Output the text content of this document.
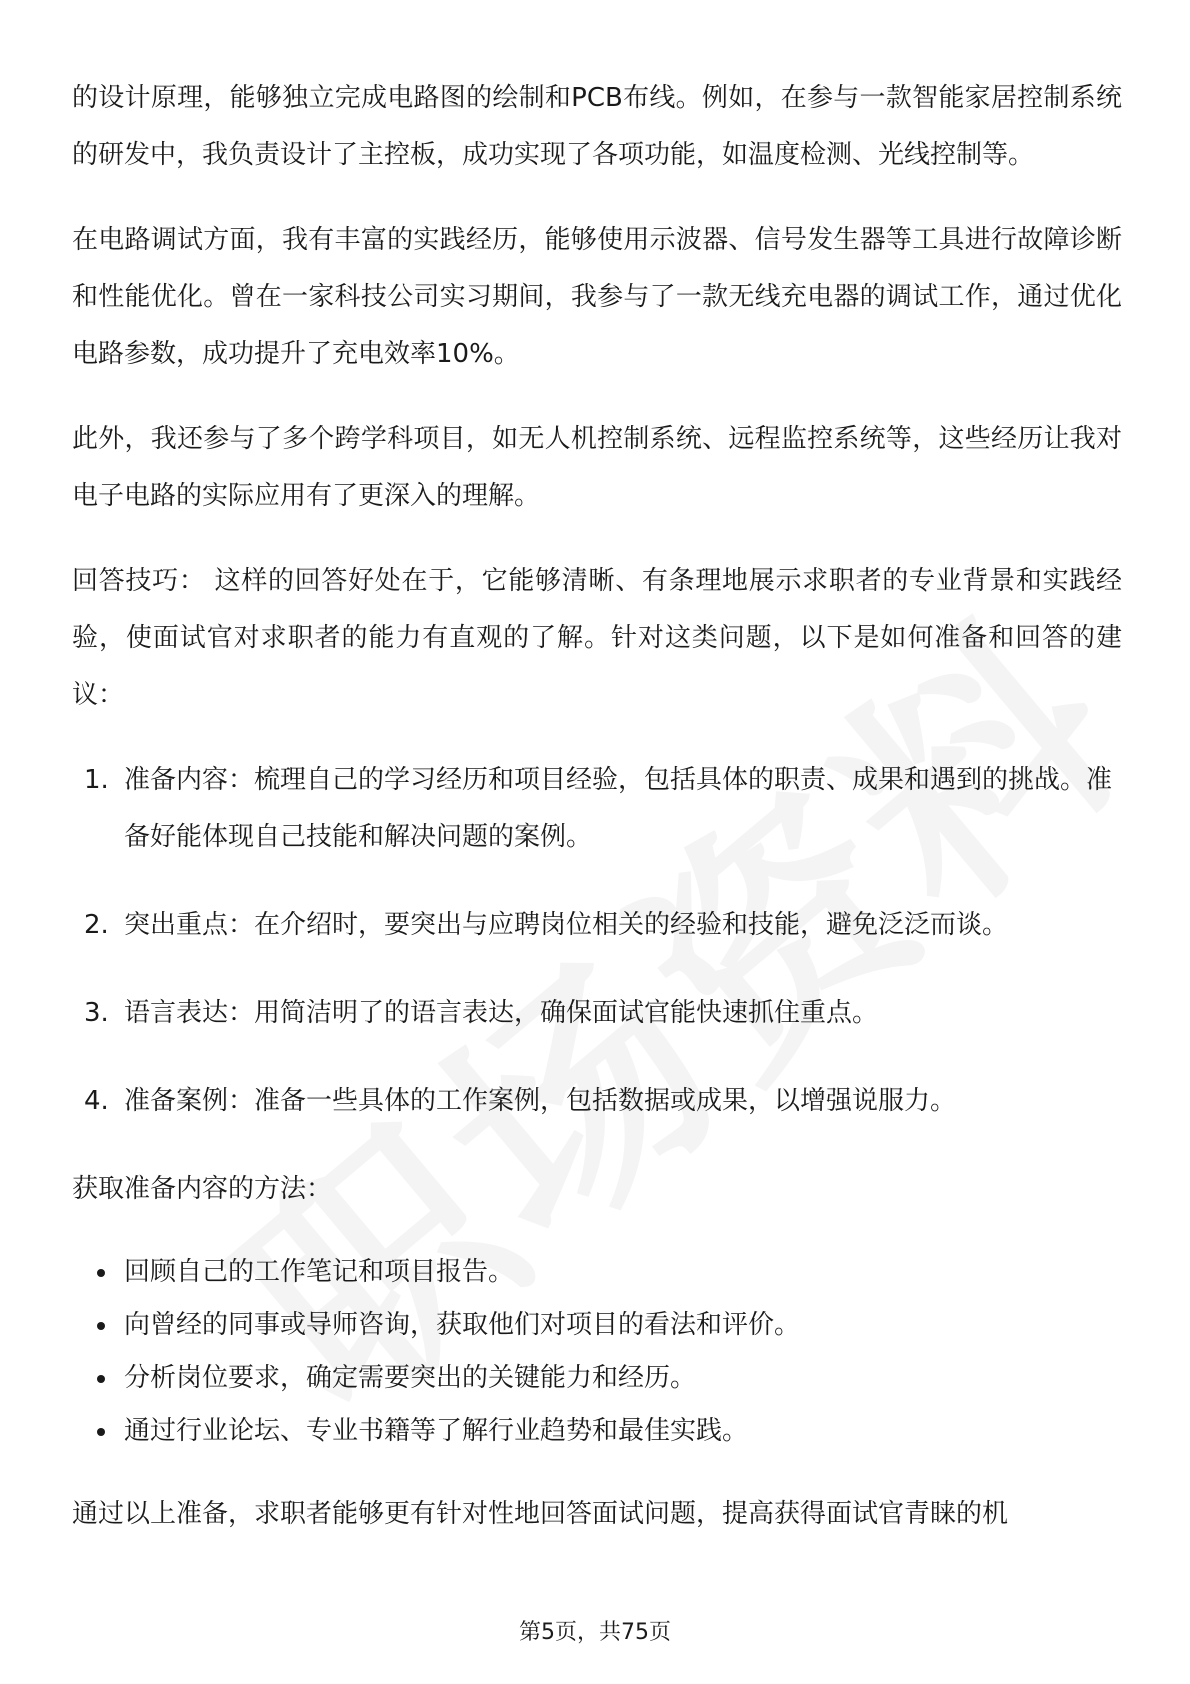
的设计原理，能够独立完成电路图的绘制和PCB布线。例如，在参与一款智能家居控制系统的研发中，我负责设计了主控板，成功实现了各项功能，如温度检测、光线控制等。

在电路调试方面，我有丰富的实践经历，能够使用示波器、信号发生器等工具进行故障诊断和性能优化。曾在一家科技公司实习期间，我参与了一款无线充电器的调试工作，通过优化电路参数，成功提升了充电效率10%。

此外，我还参与了多个跨学科项目，如无人机控制系统、远程监控系统等，这些经历让我对电子电路的实际应用有了更深入的理解。

回答技巧： 这样的回答好处在于，它能够清晰、有条理地展示求职者的专业背景和实践经验，使面试官对求职者的能力有直观的了解。针对这类问题，以下是如何准备和回答的建议：

1. 准备内容：梳理自己的学习经历和项目经验，包括具体的职责、成果和遇到的挑战。准备好能体现自己技能和解决问题的案例。
2. 突出重点：在介绍时，要突出与应聘岗位相关的经验和技能，避免泛泛而谈。
3. 语言表达：用简洁明了的语言表达，确保面试官能快速抓住重点。
4. 准备案例：准备一些具体的工作案例，包括数据或成果，以增强说服力。

获取准备内容的方法：

回顾自己的工作笔记和项目报告。
向曾经的同事或导师咨询，获取他们对项目的看法和评价。
分析岗位要求，确定需要突出的关键能力和经历。
通过行业论坛、专业书籍等了解行业趋势和最佳实践。

通过以上准备，求职者能够更有针对性地回答面试问题，提高获得面试官青睐的机

第5页，共75页
